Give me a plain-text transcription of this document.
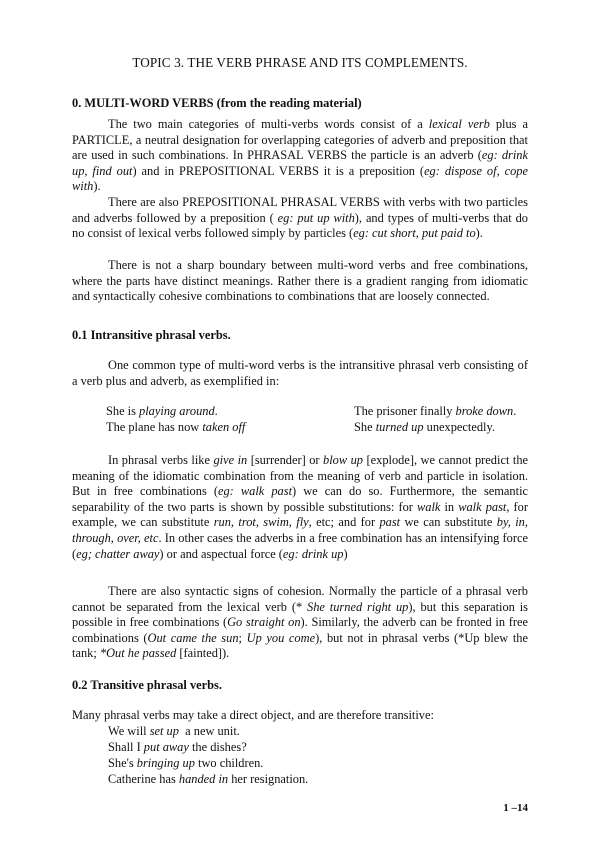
TOPIC 3. THE VERB PHRASE AND ITS COMPLEMENTS.
0. MULTI-WORD VERBS (from the reading material)

The two main categories of multi-verbs words consist of a lexical verb plus a PARTICLE, a neutral designation for overlapping categories of adverb and preposition that are used in such combinations. In PHRASAL VERBS the particle is an adverb (eg: drink up, find out) and in PREPOSITIONAL VERBS it is a preposition (eg: dispose of, cope with).

There are also PREPOSITIONAL PHRASAL VERBS with verbs with two particles and adverbs followed by a preposition ( eg: put up with), and types of multi-verbs that do no consist of lexical verbs followed simply by particles (eg: cut short, put paid to).

There is not a sharp boundary between multi-word verbs and free combinations, where the parts have distinct meanings. Rather there is a gradient ranging from idiomatic and syntactically cohesive combinations to combinations that are loosely connected.

0.1 Intransitive phrasal verbs.

One common type of multi-word verbs is the intransitive phrasal verb consisting of a verb plus and adverb, as exemplified in:

She is playing around.
The plane has now taken off
The prisoner finally broke down.
She turned up unexpectedly.

In phrasal verbs like give in [surrender] or blow up [explode], we cannot predict the meaning of the idiomatic combination from the meaning of verb and particle in isolation. But in free combinations (eg: walk past) we can do so. Furthermore, the semantic separability of the two parts is shown by possible substitutions: for walk in walk past, for example, we can substitute run, trot, swim, fly, etc; and for past we can substitute by, in, through, over, etc. In other cases the adverbs in a free combination has an intensifying force (eg; chatter away) or and aspectual force (eg: drink up)

There are also syntactic signs of cohesion. Normally the particle of a phrasal verb cannot be separated from the lexical verb (* She turned right up), but this separation is possible in free combinations (Go straight on). Similarly, the adverb can be fronted in free combinations (Out came the sun; Up you come), but not in phrasal verbs (*Up blew the tank; *Out he passed [fainted]).

0.2 Transitive phrasal verbs.

Many phrasal verbs may take a direct object, and are therefore transitive:

We will set up  a new unit.
Shall I put away the dishes?
She's bringing up two children.
Catherine has handed in her resignation.
1 –14
